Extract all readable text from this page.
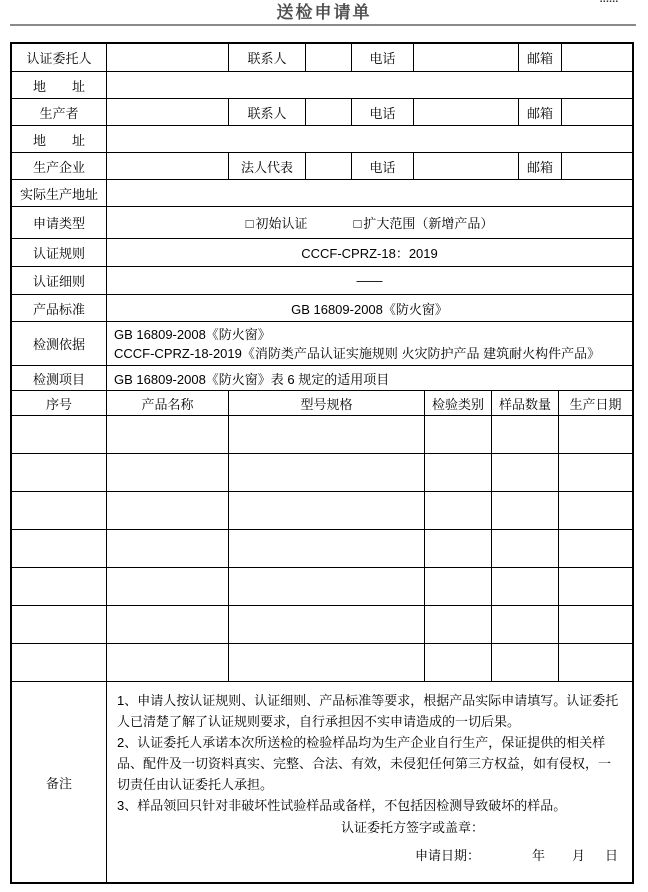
▪▪▪▪▪▪
送检申请单
认证委托人	联系人	电话	邮箱
地　　址
生产者	联系人	电话	邮箱
地　　址
生产企业	法人代表	电话	邮箱
实际生产地址
申请类型	□ 初始认证	□ 扩大范围（新增产品）
认证规则	CCCF-CPRZ-18：2019
认证细则	——
产品标准	GB 16809-2008《防火窗》
检测依据
GB 16809-2008《防火窗》
CCCF-CPRZ-18-2019《消防类产品认证实施规则 火灾防护产品 建筑耐火构件产品》
检测项目	GB 16809-2008《防火窗》表 6 规定的适用项目
序号	产品名称	型号规格	检验类别	样品数量	生产日期
备注
1、申请人按认证规则、认证细则、产品标准等要求，根据产品实际申请填写。认证委托人已清楚了解了认证规则要求，自行承担因不实申请造成的一切后果。
2、认证委托人承诺本次所送检的检验样品均为生产企业自行生产，保证提供的相关样品、配件及一切资料真实、完整、合法、有效，未侵犯任何第三方权益，如有侵权，一切责任由认证委托人承担。
3、样品领回只针对非破坏性试验样品或备样，不包括因检测导致破坏的样品。
认证委托方签字或盖章：
申请日期：	年 月 日
